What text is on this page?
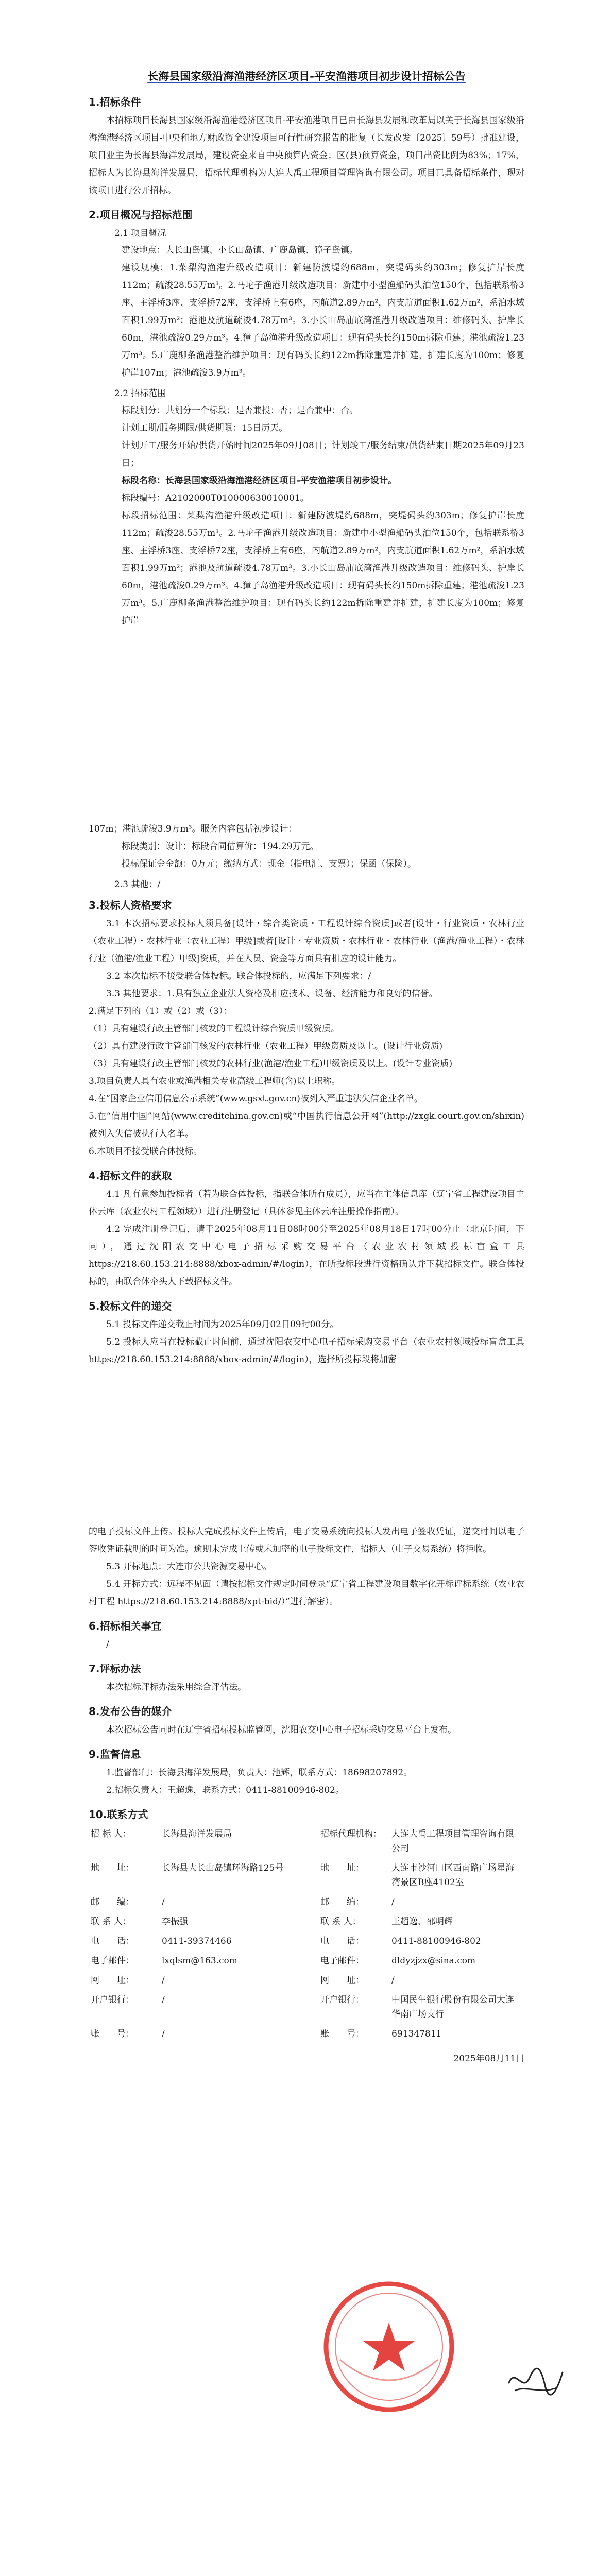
长海县国家级沿海渔港经济区项目-平安渔港项目初步设计招标公告
1.招标条件

本招标项目长海县国家级沿海渔港经济区项目-平安渔港项目已由长海县发展和改革局以关于长海县国家级沿海渔港经济区项目-中央和地方财政资金建设项目可行性研究报告的批复（长发改发〔2025〕59号）批准建设，项目业主为长海县海洋发展局，建设资金来自中央预算内资金；区(县)预算资金，项目出资比例为83%；17%，招标人为长海县海洋发展局，招标代理机构为大连大禹工程项目管理咨询有限公司。项目已具备招标条件，现对该项目进行公开招标。

2.项目概况与招标范围
2.1 项目概况

建设地点：大长山岛镇、小长山岛镇、广鹿岛镇、獐子岛镇。

建设规模：1.菜梨沟渔港升级改造项目：新建防波堤约688m，突堤码头约303m；修复护岸长度112m；疏浚28.55万m³。2.马坨子渔港升级改造项目：新建中小型渔船码头泊位150个，包括联系桥3座、主浮桥3座、支浮桥72座，支浮桥上有6座，内航道2.89万m²，内支航道面积1.62万m²，系泊水域面积1.99万m²；港池及航道疏浚4.78万m³。3.小长山岛庙底湾渔港升级改造项目：维修码头、护岸长60m，港池疏浚0.29万m³。4.獐子岛渔港升级改造项目：现有码头长约150m拆除重建；港池疏浚1.23万m³。5.广鹿柳条渔港整治维护项目：现有码头长约122m拆除重建并扩建，扩建长度为100m；修复护岸107m；港池疏浚3.9万m³。

2.2 招标范围

标段划分：共划分一个标段；是否兼投：否；是否兼中：否。

计划工期/服务期限/供货期限：15日历天。

计划开工/服务开始/供货开始时间2025年09月08日；计划竣工/服务结束/供货结束日期2025年09月23日；

标段名称：长海县国家级沿海渔港经济区项目-平安渔港项目初步设计。

标段编号：A2102000T010000630010001。

标段招标范围：菜梨沟渔港升级改造项目：新建防波堤约688m，突堤码头约303m；修复护岸长度112m；疏浚28.55万m³。2.马坨子渔港升级改造项目：新建中小型渔船码头泊位150个，包括联系桥3座、主浮桥3座、支浮桥72座，支浮桥上有6座，内航道2.89万m²，内支航道面积1.62万m²，系泊水域面积1.99万m²；港池及航道疏浚4.78万m³。3.小长山岛庙底湾渔港升级改造项目：维修码头、护岸长60m，港池疏浚0.29万m³。4.獐子岛渔港升级改造项目：现有码头长约150m拆除重建；港池疏浚1.23万m³。5.广鹿柳条渔港整治维护项目：现有码头长约122m拆除重建并扩建，扩建长度为100m；修复护岸

107m；港池疏浚3.9万m³。服务内容包括初步设计：

标段类别：设计；标段合同估算价：194.29万元。

投标保证金金额：0万元；缴纳方式：现金（指电汇、支票）；保函（保险）。

2.3 其他：/
3.投标人资格要求

3.1 本次招标要求投标人须具备[设计・综合类资质・工程设计综合资质]或者[设计・行业资质・农林行业（农业工程）・农林行业（农业工程）甲级]或者[设计・专业资质・农林行业・农林行业（渔港/渔业工程）・农林行业（渔港/渔业工程）甲级]资质，并在人员、资金等方面具有相应的设计能力。

3.2 本次招标不接受联合体投标。联合体投标的，应满足下列要求：/

3.3 其他要求：1.具有独立企业法人资格及相应技术、设备、经济能力和良好的信誉。

2.满足下列的（1）或（2）或（3）：

（1）具有建设行政主管部门核发的工程设计综合资质甲级资质。

（2）具有建设行政主管部门核发的农林行业（农业工程）甲级资质及以上。(设计行业资质)

（3）具有建设行政主管部门核发的农林行业(渔港/渔业工程)甲级资质及以上。(设计专业资质)

3.项目负责人具有农业或渔港相关专业高级工程师(含)以上职称。

4.在“国家企业信用信息公示系统”(www.gsxt.gov.cn)被列入严重违法失信企业名单。

5.在“信用中国”网站(www.creditchina.gov.cn)或“中国执行信息公开网”(http://zxgk.court.gov.cn/shixin)被列入失信被执行人名单。

6.本项目不接受联合体投标。

4.招标文件的获取

4.1 凡有意参加投标者（若为联合体投标，指联合体所有成员），应当在主体信息库（辽宁省工程建设项目主体云库（农业农村工程领域））进行注册登记（具体参见主体云库注册操作指南）。

4.2 完成注册登记后，请于2025年08月11日08时00分至2025年08月18日17时00分止（北京时间，下同），通过沈阳农交中心电子招标采购交易平台（农业农村领域投标盲盒工具https://218.60.153.214:8888/xbox-admin/#/login），在所投标段进行资格确认并下载招标文件。联合体投标的，由联合体牵头人下载招标文件。

5.投标文件的递交

5.1 投标文件递交截止时间为2025年09月02日09时00分。

5.2 投标人应当在投标截止时间前，通过沈阳农交中心电子招标采购交易平台（农业农村领域投标盲盒工具https://218.60.153.214:8888/xbox-admin/#/login），选择所投标段将加密

的电子投标文件上传。投标人完成投标文件上传后，电子交易系统向投标人发出电子签收凭证，递交时间以电子签收凭证载明的时间为准。逾期未完成上传或未加密的电子投标文件，招标人（电子交易系统）将拒收。

5.3 开标地点：大连市公共资源交易中心。

5.4 开标方式：远程不见面（请按招标文件规定时间登录“辽宁省工程建设项目数字化开标评标系统（农业农村工程 https://218.60.153.214:8888/xpt-bid/）”进行解密）。

6.招标相关事宜

/

7.评标办法

本次招标评标办法采用综合评估法。

8.发布公告的媒介

本次招标公告同时在辽宁省招标投标监管网，沈阳农交中心电子招标采购交易平台上发布。

9.监督信息

1.监督部门：长海县海洋发展局，负责人：池辉，联系方式：18698207892。

2.招标负责人：王超逸，联系方式：0411-88100946-802。

10.联系方式
招 标 人：	长海县海洋发展局	招标代理机构：	大连大禹工程项目管理咨询有限公司
地　　址：	长海县大长山岛镇环海路125号	地　　址：	大连市沙河口区西南路广场星海湾景区B座4102室
邮　　编：	/	邮　　编：	/
联 系 人：	李振强	联 系 人：	王超逸、邵明辉
电　　话：	0411-39374466	电　　话：	0411-88100946-802
电子邮件：	lxqlsm@163.com	电子邮件：	dldyzjzx@sina.com
网　　址：	/	网　　址：	/
开户银行：	/	开户银行：	中国民生银行股份有限公司大连华南广场支行
账　　号：	/	账　　号：	691347811
2025年08月11日
